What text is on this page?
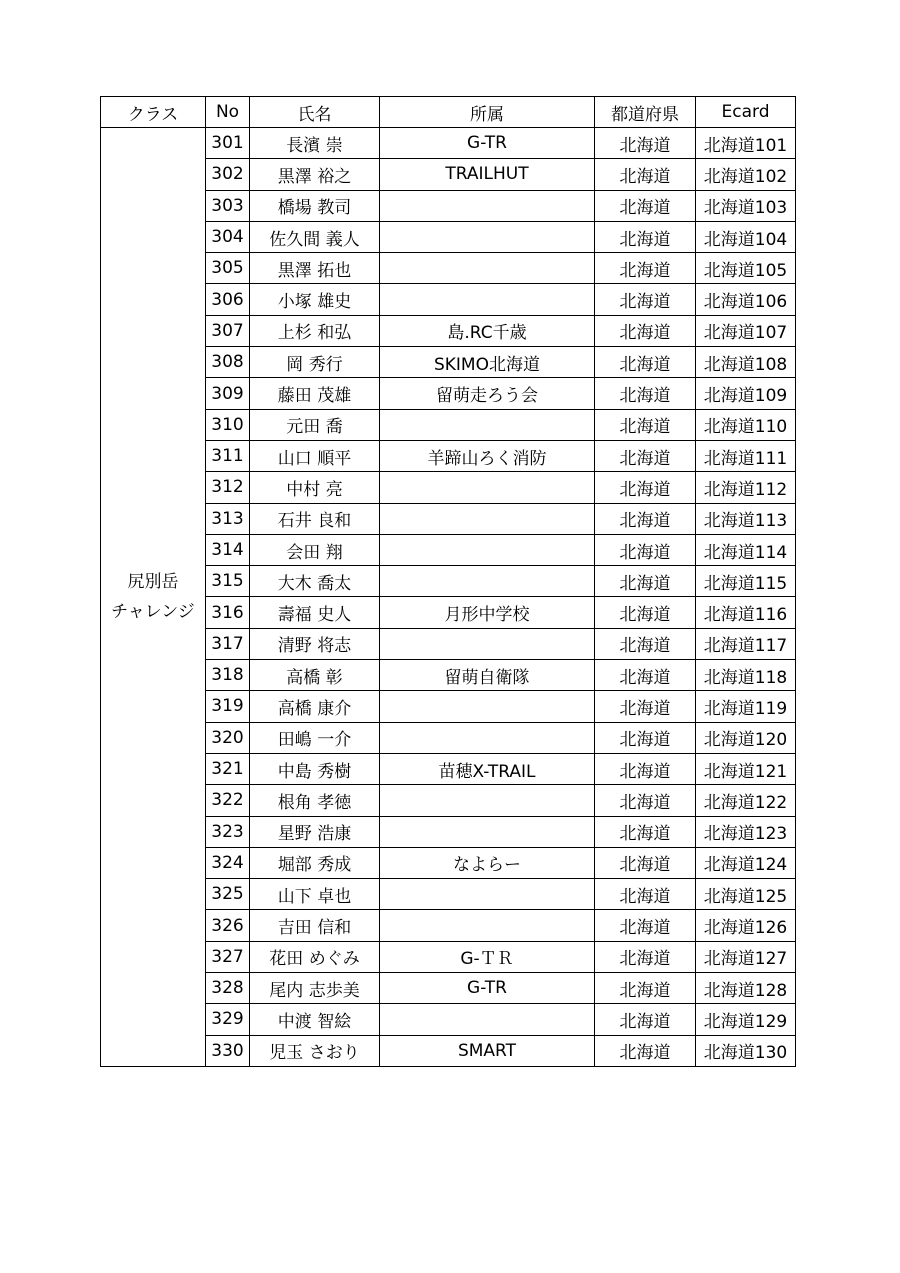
クラス	No	氏名	所属	都道府県	Ecard

尻別岳
チャレンジ	301	長濱 崇	G-TR	北海道	北海道101
	302	黒澤 裕之	TRAILHUT	北海道	北海道102
	303	橋場 教司		北海道	北海道103
	304	佐久間 義人		北海道	北海道104
	305	黒澤 拓也		北海道	北海道105
	306	小塚 雄史		北海道	北海道106
	307	上杉 和弘	島.RC千歳	北海道	北海道107
	308	岡 秀行	SKIMO北海道	北海道	北海道108
	309	藤田 茂雄	留萌走ろう会	北海道	北海道109
	310	元田 喬		北海道	北海道110
	311	山口 順平	羊蹄山ろく消防	北海道	北海道111
	312	中村 亮		北海道	北海道112
	313	石井 良和		北海道	北海道113
	314	会田 翔		北海道	北海道114
	315	大木 喬太		北海道	北海道115
	316	壽福 史人	月形中学校	北海道	北海道116
	317	清野 将志		北海道	北海道117
	318	高橋 彰	留萌自衛隊	北海道	北海道118
	319	高橋 康介		北海道	北海道119
	320	田嶋 一介		北海道	北海道120
	321	中島 秀樹	苗穂X-TRAIL	北海道	北海道121
	322	根角 孝徳		北海道	北海道122
	323	星野 浩康		北海道	北海道123
	324	堀部 秀成	なよらー	北海道	北海道124
	325	山下 卓也		北海道	北海道125
	326	吉田 信和		北海道	北海道126
	327	花田 めぐみ	G-ＴＲ	北海道	北海道127
	328	尾内 志歩美	G-TR	北海道	北海道128
	329	中渡 智絵		北海道	北海道129
	330	児玉 さおり	SMART	北海道	北海道130
